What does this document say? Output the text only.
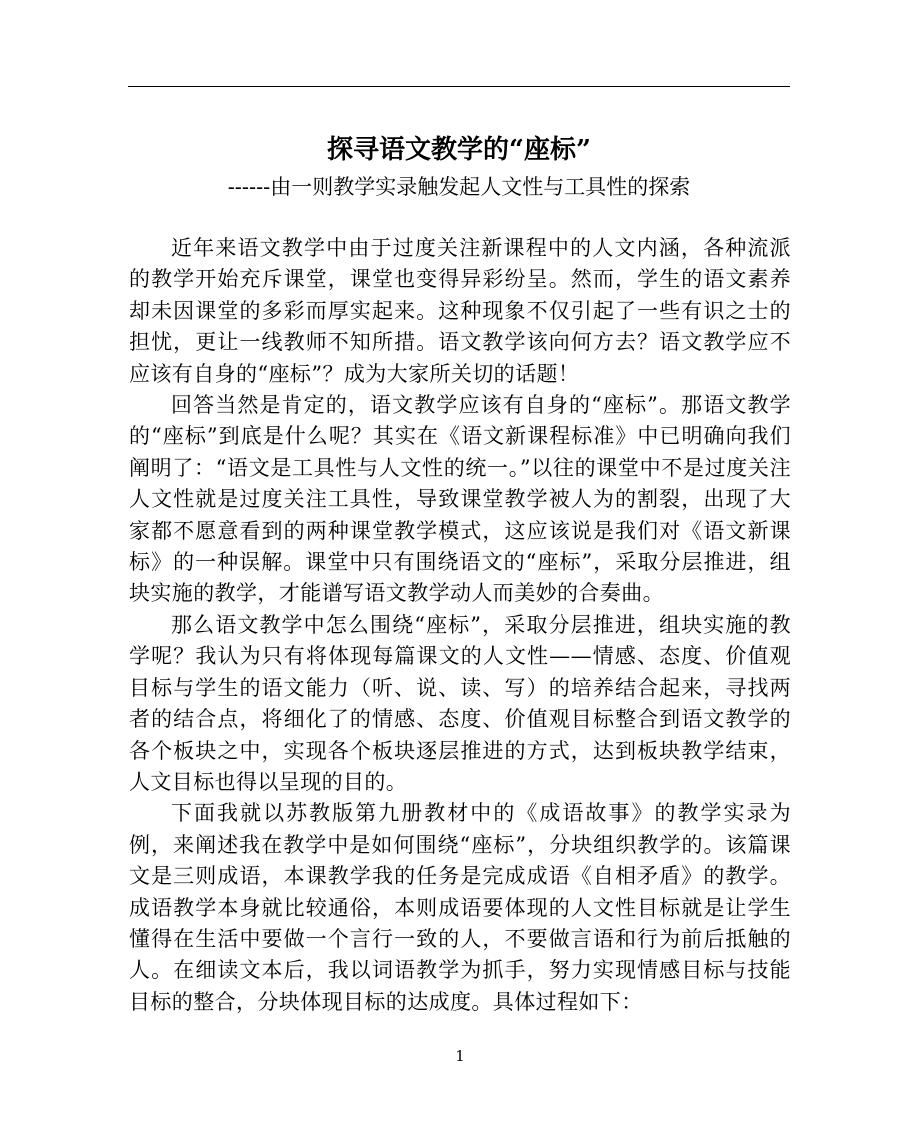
探寻语文教学的“座标”

------由一则教学实录触发起人文性与工具性的探索

近年来语文教学中由于过度关注新课程中的人文内涵，各种流派的教学开始充斥课堂，课堂也变得异彩纷呈。然而，学生的语文素养却未因课堂的多彩而厚实起来。这种现象不仅引起了一些有识之士的担忧，更让一线教师不知所措。语文教学该向何方去？语文教学应不应该有自身的“座标”？成为大家所关切的话题！

回答当然是肯定的，语文教学应该有自身的“座标”。那语文教学的“座标”到底是什么呢？其实在《语文新课程标准》中已明确向我们阐明了：“语文是工具性与人文性的统一。”以往的课堂中不是过度关注人文性就是过度关注工具性，导致课堂教学被人为的割裂，出现了大家都不愿意看到的两种课堂教学模式，这应该说是我们对《语文新课标》的一种误解。课堂中只有围绕语文的“座标”，采取分层推进，组块实施的教学，才能谱写语文教学动人而美妙的合奏曲。

那么语文教学中怎么围绕“座标”，采取分层推进，组块实施的教学呢？我认为只有将体现每篇课文的人文性——情感、态度、价值观目标与学生的语文能力（听、说、读、写）的培养结合起来，寻找两者的结合点，将细化了的情感、态度、价值观目标整合到语文教学的各个板块之中，实现各个板块逐层推进的方式，达到板块教学结束，人文目标也得以呈现的目的。

下面我就以苏教版第九册教材中的《成语故事》的教学实录为例，来阐述我在教学中是如何围绕“座标”，分块组织教学的。该篇课文是三则成语，本课教学我的任务是完成成语《自相矛盾》的教学。成语教学本身就比较通俗，本则成语要体现的人文性目标就是让学生懂得在生活中要做一个言行一致的人，不要做言语和行为前后抵触的人。在细读文本后，我以词语教学为抓手，努力实现情感目标与技能目标的整合，分块体现目标的达成度。具体过程如下：

1
